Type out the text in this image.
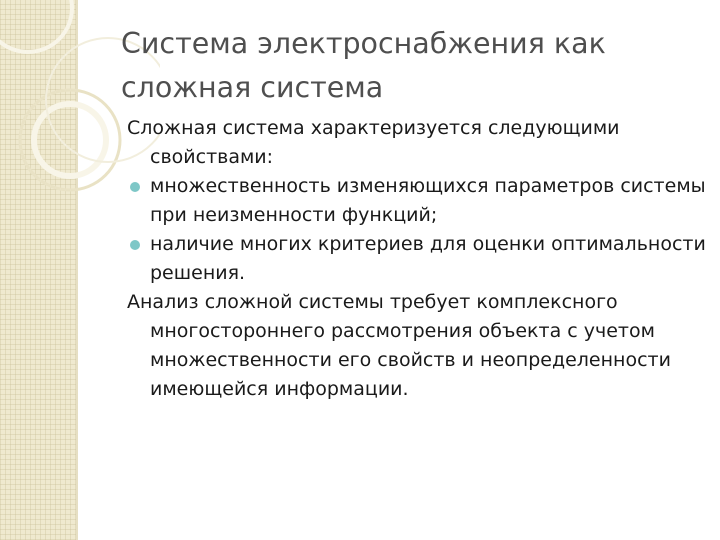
Система электроснабжения как сложная система

Сложная система характеризуется следующими свойствами:

множественность изменяющихся параметров системы при неизменности функций;
наличие многих критериев для оценки оптимальности решения.

Анализ сложной системы требует комплексного многостороннего рассмотрения объекта с учетом множественности его свойств и неопределенности имеющейся информации.
